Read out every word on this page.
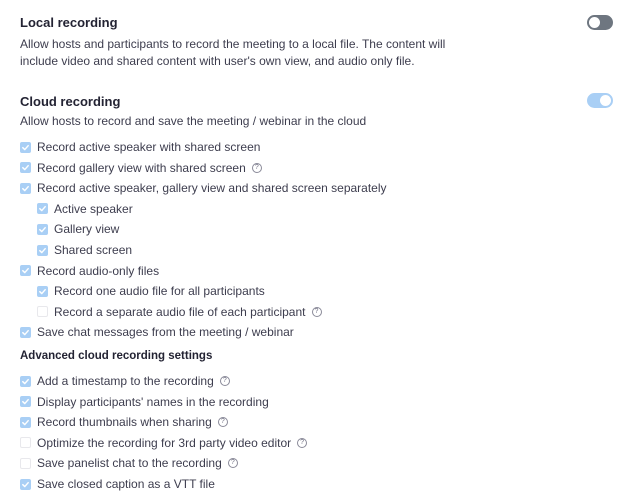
Local recording
Allow hosts and participants to record the meeting to a local file. The content will include video and shared content with user's own view, and audio only file.
Cloud recording
Allow hosts to record and save the meeting / webinar in the cloud
Record active speaker with shared screen
Record gallery view with shared screen	?
Record active speaker, gallery view and shared screen separately
Active speaker
Gallery view
Shared screen
Record audio-only files
Record one audio file for all participants
Record a separate audio file of each participant	?
Save chat messages from the meeting / webinar
Advanced cloud recording settings
Add a timestamp to the recording	?
Display participants' names in the recording
Record thumbnails when sharing	?
Optimize the recording for 3rd party video editor	?
Save panelist chat to the recording	?
Save closed caption as a VTT file
